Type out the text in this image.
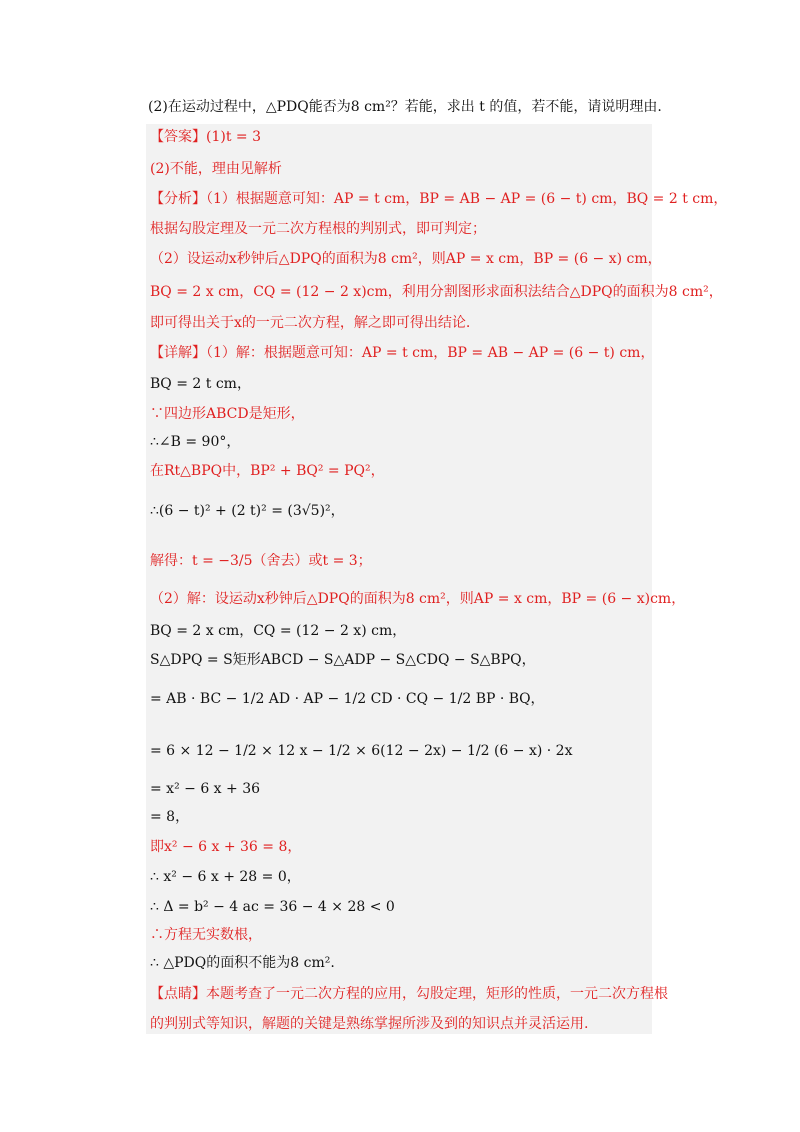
(2)在运动过程中，△PDQ能否为8 cm²？若能，求出 t 的值，若不能，请说明理由.
【答案】(1)t = 3
(2)不能，理由见解析
【分析】（1）根据题意可知：AP = t cm，BP = AB − AP = (6 − t) cm，BQ = 2 t cm，
根据勾股定理及一元二次方程根的判别式，即可判定；
（2）设运动x秒钟后△DPQ的面积为8 cm²，则AP = x cm，BP = (6 − x) cm，
BQ = 2 x cm，CQ = (12 − 2 x)cm，利用分割图形求面积法结合△DPQ的面积为8 cm²，
即可得出关于x的一元二次方程，解之即可得出结论.
【详解】（1）解：根据题意可知：AP = t cm，BP = AB − AP = (6 − t) cm，
BQ = 2 t cm，
∵四边形ABCD是矩形，
∴∠B = 90°，
在Rt△BPQ中，BP² + BQ² = PQ²，
∴(6 − t)² + (2 t)² = (3√5)²，
解得：t = −3/5（舍去）或t = 3；
（2）解：设运动x秒钟后△DPQ的面积为8 cm²，则AP = x cm，BP = (6 − x)cm，
BQ = 2 x cm，CQ = (12 − 2 x) cm，
S△DPQ = S矩形ABCD − S△ADP − S△CDQ − S△BPQ，
= AB · BC − 1/2 AD · AP − 1/2 CD · CQ − 1/2 BP · BQ，
= 6 × 12 − 1/2 × 12 x − 1/2 × 6(12 − 2x) − 1/2 (6 − x) · 2x
= x² − 6 x + 36
= 8，
即x² − 6 x + 36 = 8，
∴ x² − 6 x + 28 = 0，
∴ Δ = b² − 4 ac = 36 − 4 × 28 < 0
∴方程无实数根，
∴ △PDQ的面积不能为8 cm².
【点睛】本题考查了一元二次方程的应用，勾股定理，矩形的性质，一元二次方程根
的判别式等知识，解题的关键是熟练掌握所涉及到的知识点并灵活运用.
